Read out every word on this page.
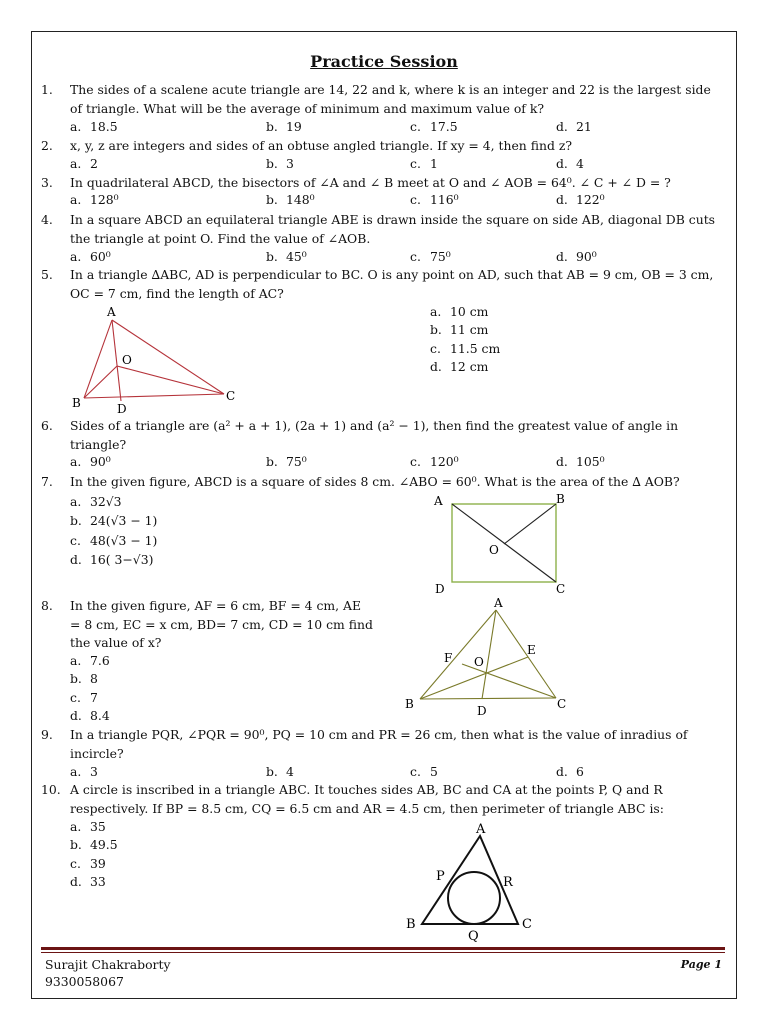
Practice Session
1.	The sides of a scalene acute triangle are 14, 22 and k, where k is an integer and 22 is the largest side of triangle. What will be the average of minimum and maximum value of k?
a. 18.5	b. 19	c. 17.5	d. 21
2.	x, y, z are integers and sides of an obtuse angled triangle. If xy = 4, then find z?
a. 2	b. 3	c. 1	d. 4
3.	In quadrilateral ABCD, the bisectors of ∠A and ∠ B meet at O and ∠ AOB = 64⁰. ∠ C + ∠ D = ?
a. 128⁰	b. 148⁰	c. 116⁰	d. 122⁰
4.	In a square ABCD an equilateral triangle ABE is drawn inside the square on side AB, diagonal DB cuts the triangle at point O. Find the value of ∠AOB.
a. 60⁰	b. 45⁰	c. 75⁰	d. 90⁰
5.	In a triangle ∆ABC, AD is perpendicular to BC. O is any point on AD, such that AB = 9 cm, OB = 3 cm, OC = 7 cm, find the length of AC?
A
O
B	D
C
a. 10 cm
b. 11 cm
c. 11.5 cm
d. 12 cm
6.	Sides of a triangle are (a² + a + 1), (2a + 1) and (a² − 1), then find the greatest value of angle in triangle?
a. 90⁰	b. 75⁰	c. 120⁰	d. 105⁰
7.	In the given figure, ABCD is a square of sides 8 cm. ∠ABO = 60⁰. What is the area of the ∆ AOB?
a. 32√3
b. 24(√3 − 1)
c. 48(√3 − 1)
d. 16( 3−√3)
A	B
O
D	C
8.	In the given figure, AF = 6 cm, BF = 4 cm, AE = 8 cm, EC = x cm, BD= 7 cm, CD = 10 cm find the value of x?
a. 7.6
b. 8
c. 7
d. 8.4
A
F
E
O
B	D	C
9.	In a triangle PQR, ∠PQR = 90⁰, PQ = 10 cm and PR = 26 cm, then what is the value of inradius of incircle?
a. 3	b. 4	c. 5	d. 6
10. A circle is inscribed in a triangle ABC. It touches sides AB, BC and CA at the points P, Q and R respectively. If BP = 8.5 cm, CQ = 6.5 cm and AR = 4.5 cm, then perimeter of triangle ABC is:
a. 35
b. 49.5
c. 39
d. 33
A
P	R
B
Q
C
Surajit Chakraborty
9330058067
Page 1
